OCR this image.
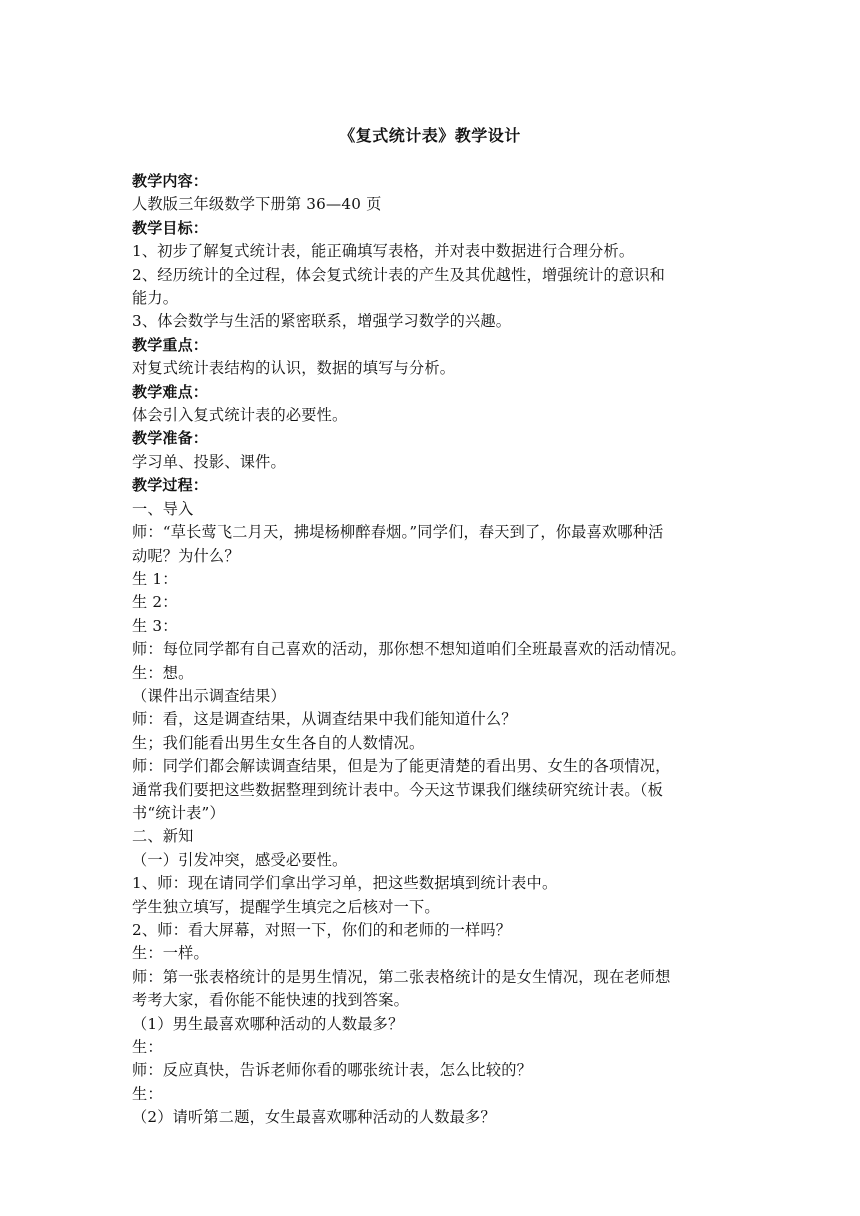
《复式统计表》教学设计
教学内容：
人教版三年级数学下册第 36—40 页
教学目标：
1、初步了解复式统计表，能正确填写表格，并对表中数据进行合理分析。
2、经历统计的全过程，体会复式统计表的产生及其优越性，增强统计的意识和
能力。
3、体会数学与生活的紧密联系，增强学习数学的兴趣。
教学重点：
对复式统计表结构的认识，数据的填写与分析。
教学难点：
体会引入复式统计表的必要性。
教学准备：
学习单、投影、课件。
教学过程：
一、导入
师：“草长莺飞二月天，拂堤杨柳醉春烟。”同学们，春天到了，你最喜欢哪种活
动呢？为什么？
生 1：
生 2：
生 3：
师：每位同学都有自己喜欢的活动，那你想不想知道咱们全班最喜欢的活动情况。
生：想。
（课件出示调查结果）
师：看，这是调查结果，从调查结果中我们能知道什么？
生；我们能看出男生女生各自的人数情况。
师：同学们都会解读调查结果，但是为了能更清楚的看出男、女生的各项情况，
通常我们要把这些数据整理到统计表中。今天这节课我们继续研究统计表。（板
书“统计表”）
二、新知
（一）引发冲突，感受必要性。
1、师：现在请同学们拿出学习单，把这些数据填到统计表中。
学生独立填写，提醒学生填完之后核对一下。
2、师：看大屏幕，对照一下，你们的和老师的一样吗？
生：一样。
师：第一张表格统计的是男生情况，第二张表格统计的是女生情况，现在老师想
考考大家，看你能不能快速的找到答案。
（1）男生最喜欢哪种活动的人数最多？
生：
师：反应真快，告诉老师你看的哪张统计表，怎么比较的？
生：
（2）请听第二题，女生最喜欢哪种活动的人数最多？
